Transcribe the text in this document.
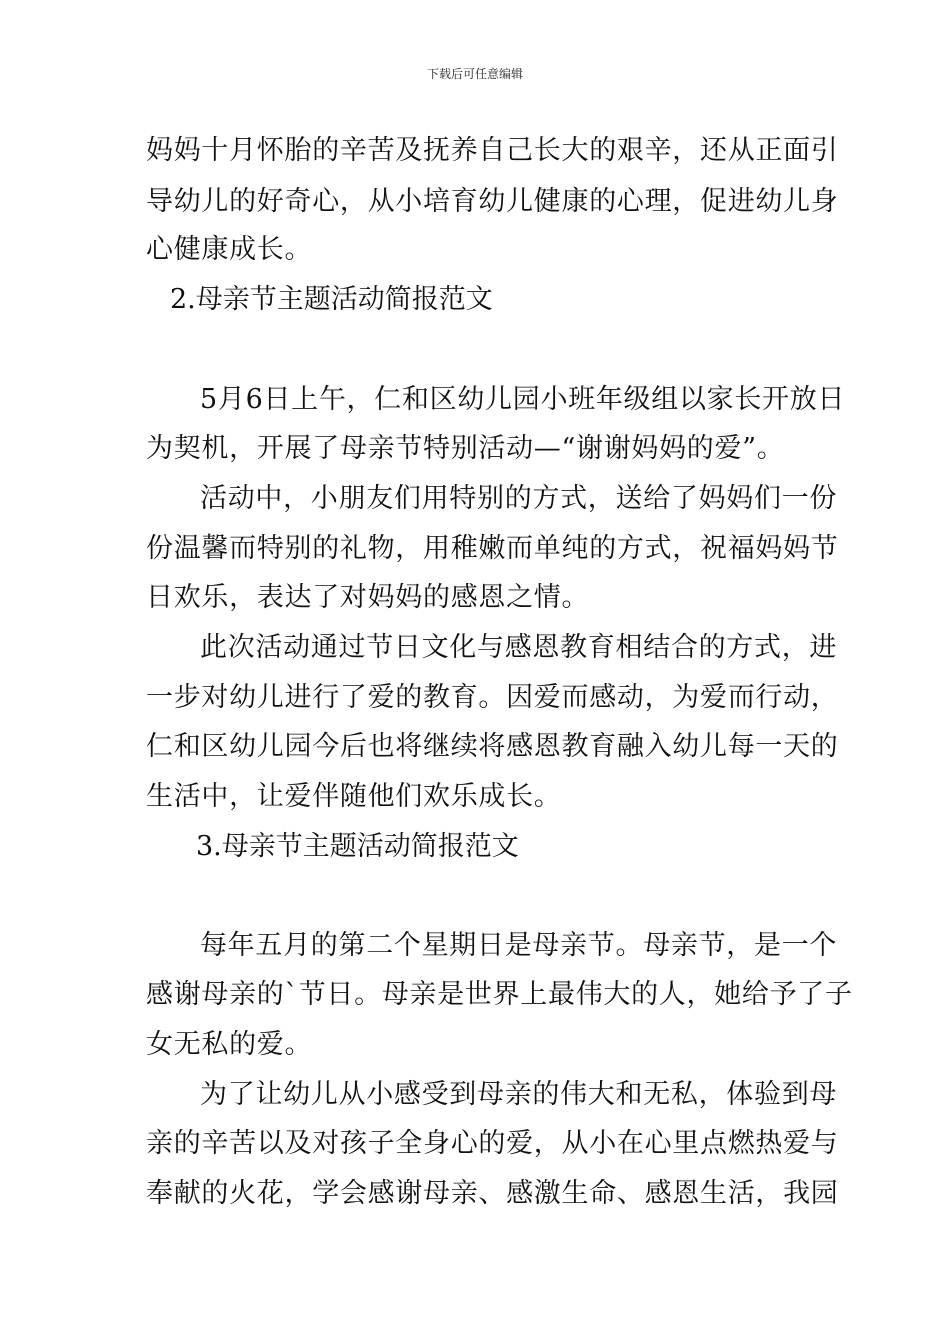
下载后可任意编辑
妈妈十月怀胎的辛苦及抚养自己长大的艰辛，还从正面引
导幼儿的好奇心，从小培育幼儿健康的心理，促进幼儿身
心健康成长。
2.母亲节主题活动简报范文
5月6日上午，仁和区幼儿园小班年级组以家长开放日
为契机，开展了母亲节特别活动—“谢谢妈妈的爱”。
活动中，小朋友们用特别的方式，送给了妈妈们一份
份温馨而特别的礼物，用稚嫩而单纯的方式，祝福妈妈节
日欢乐，表达了对妈妈的感恩之情。
此次活动通过节日文化与感恩教育相结合的方式，进
一步对幼儿进行了爱的教育。因爱而感动，为爱而行动，
仁和区幼儿园今后也将继续将感恩教育融入幼儿每一天的
生活中，让爱伴随他们欢乐成长。
3.母亲节主题活动简报范文
每年五月的第二个星期日是母亲节。母亲节，是一个
感谢母亲的`节日。母亲是世界上最伟大的人，她给予了子
女无私的爱。
为了让幼儿从小感受到母亲的伟大和无私，体验到母
亲的辛苦以及对孩子全身心的爱，从小在心里点燃热爱与
奉献的火花，学会感谢母亲、感激生命、感恩生活，我园
